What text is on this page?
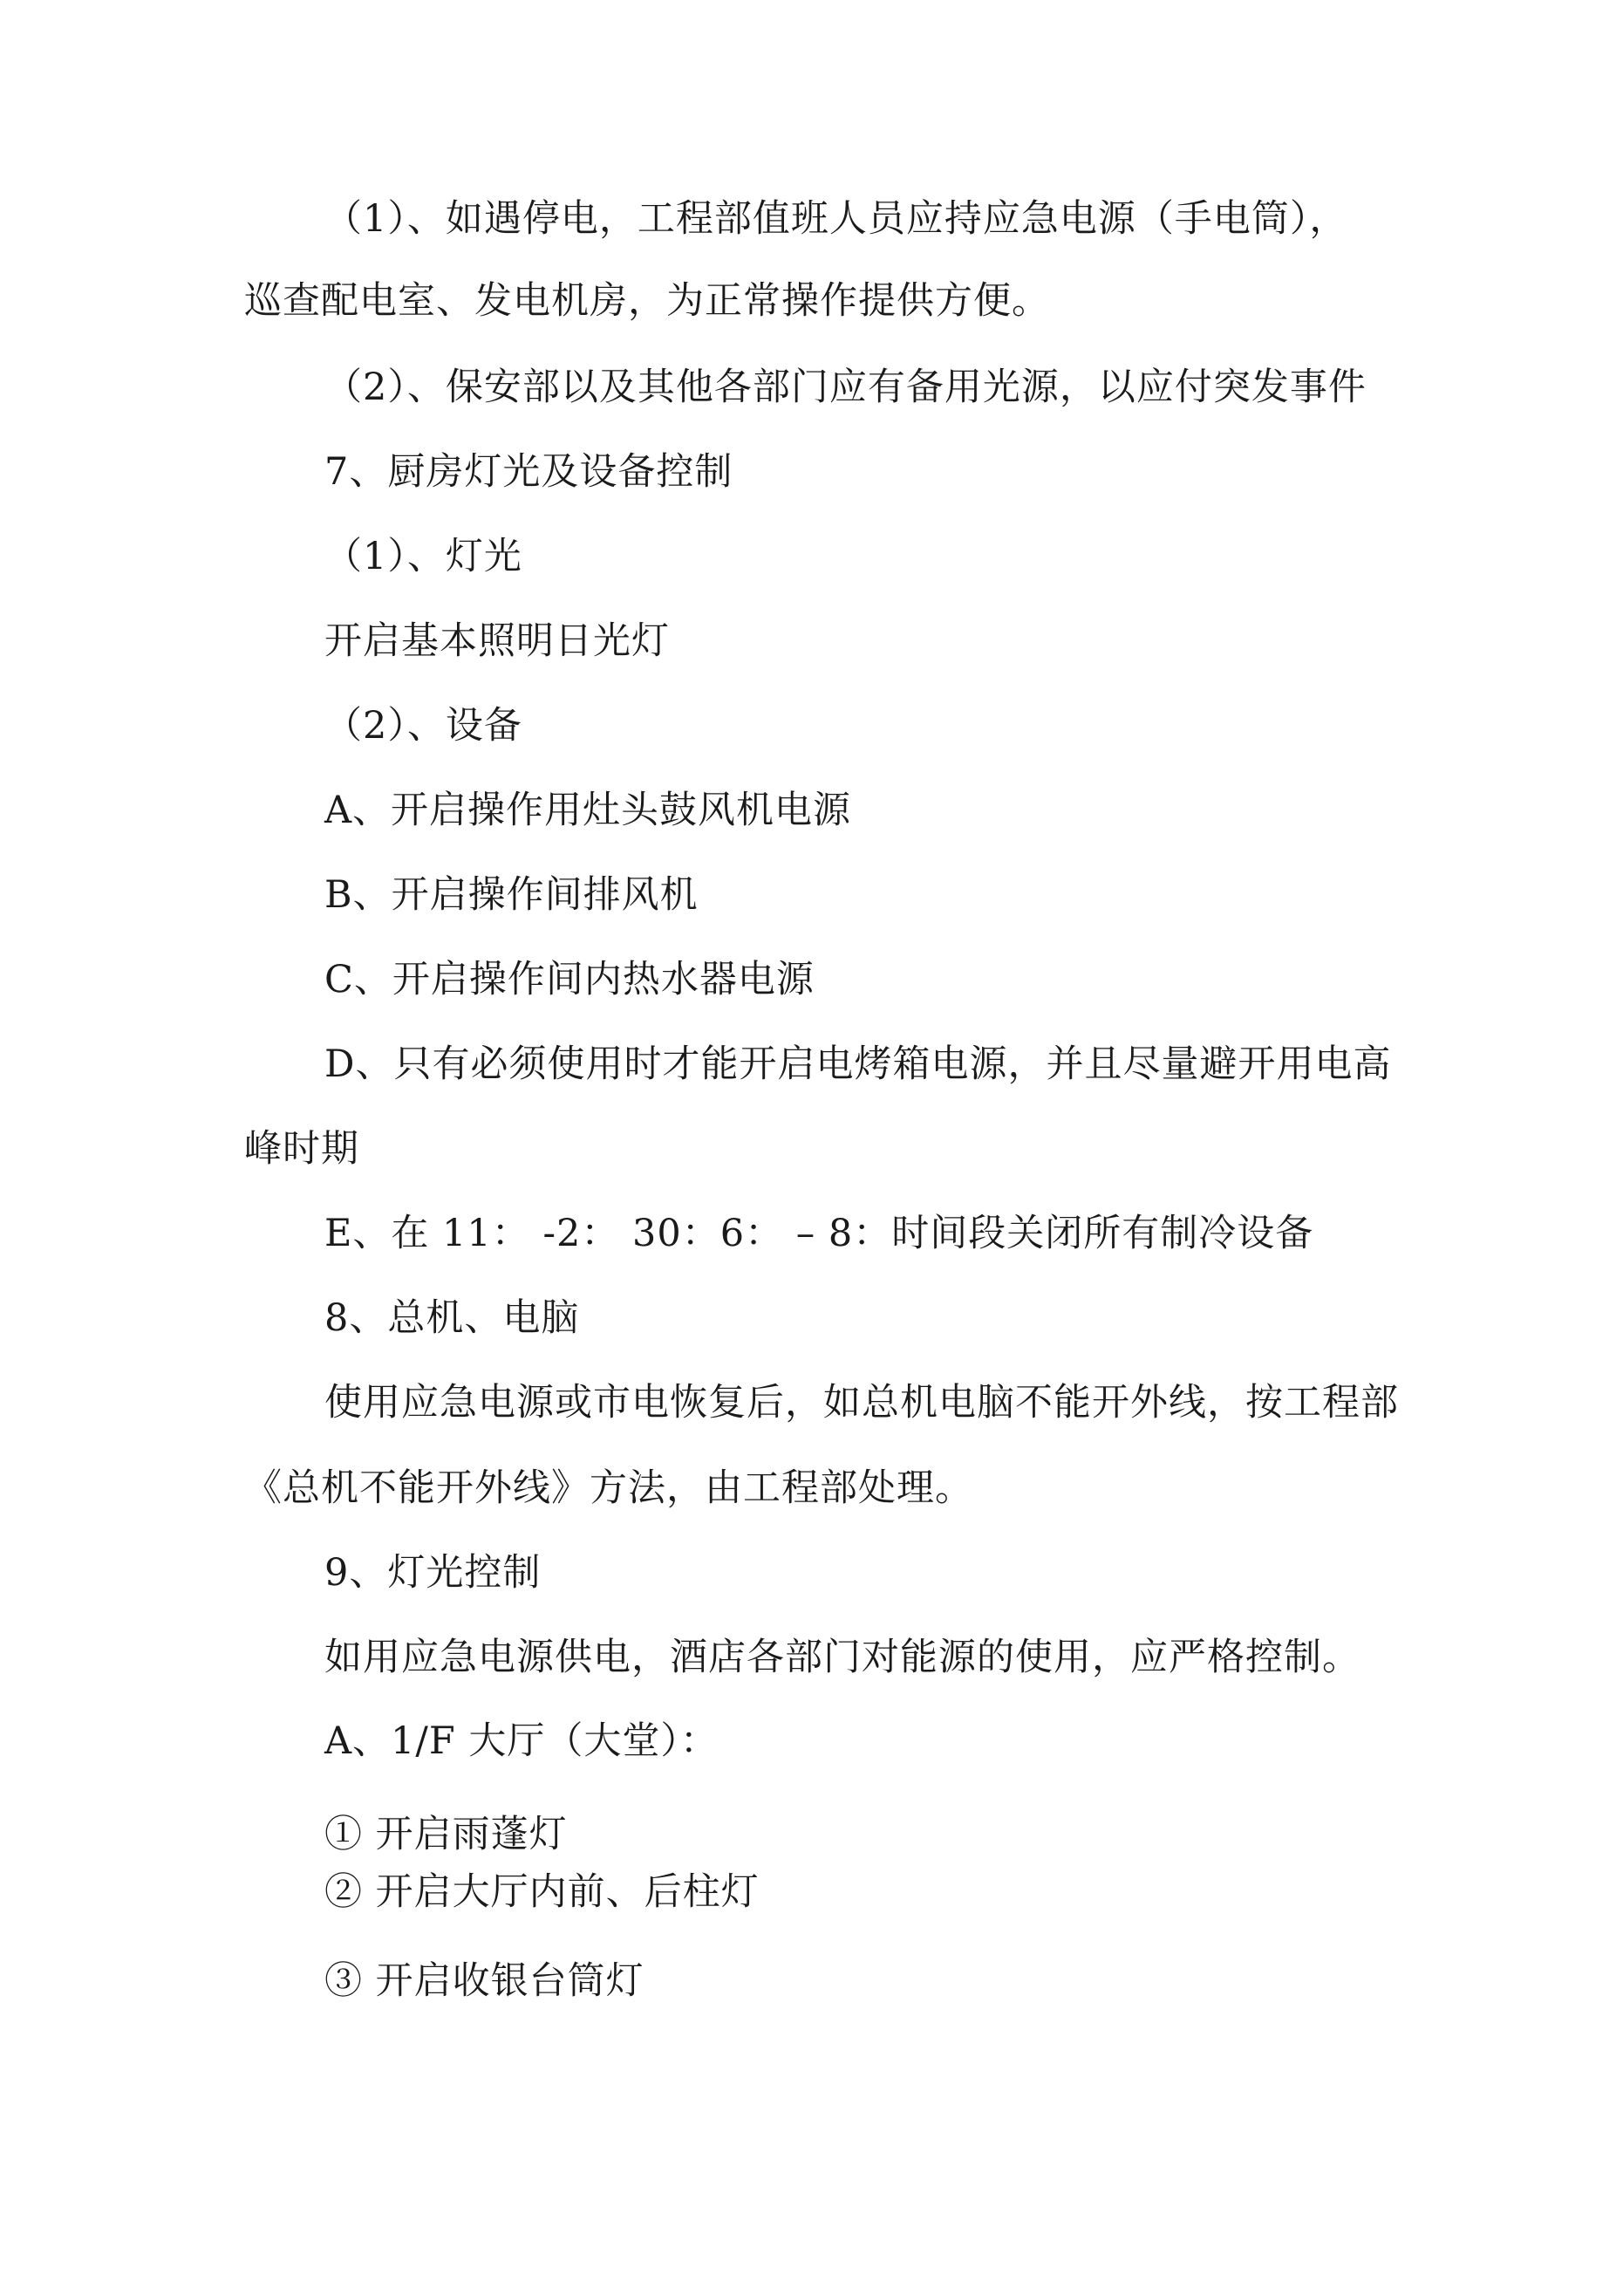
（1）、如遇停电，工程部值班人员应持应急电源（手电筒），

巡查配电室、发电机房，为正常操作提供方便。

（2）、保安部以及其他各部门应有备用光源，以应付突发事件

7、厨房灯光及设备控制

（1）、灯光

开启基本照明日光灯

（2）、设备

A、开启操作用灶头鼓风机电源

B、开启操作间排风机

C、开启操作间内热水器电源

D、只有必须使用时才能开启电烤箱电源，并且尽量避开用电高

峰时期

E、在 11： -2： 30：6： – 8：时间段关闭所有制冷设备

8、总机、电脑

使用应急电源或市电恢复后，如总机电脑不能开外线，按工程部

《总机不能开外线》方法，由工程部处理。

9、灯光控制

如用应急电源供电，酒店各部门对能源的使用，应严格控制。

A、1/F 大厅（大堂）：

① 开启雨蓬灯

② 开启大厅内前、后柱灯

③ 开启收银台筒灯
